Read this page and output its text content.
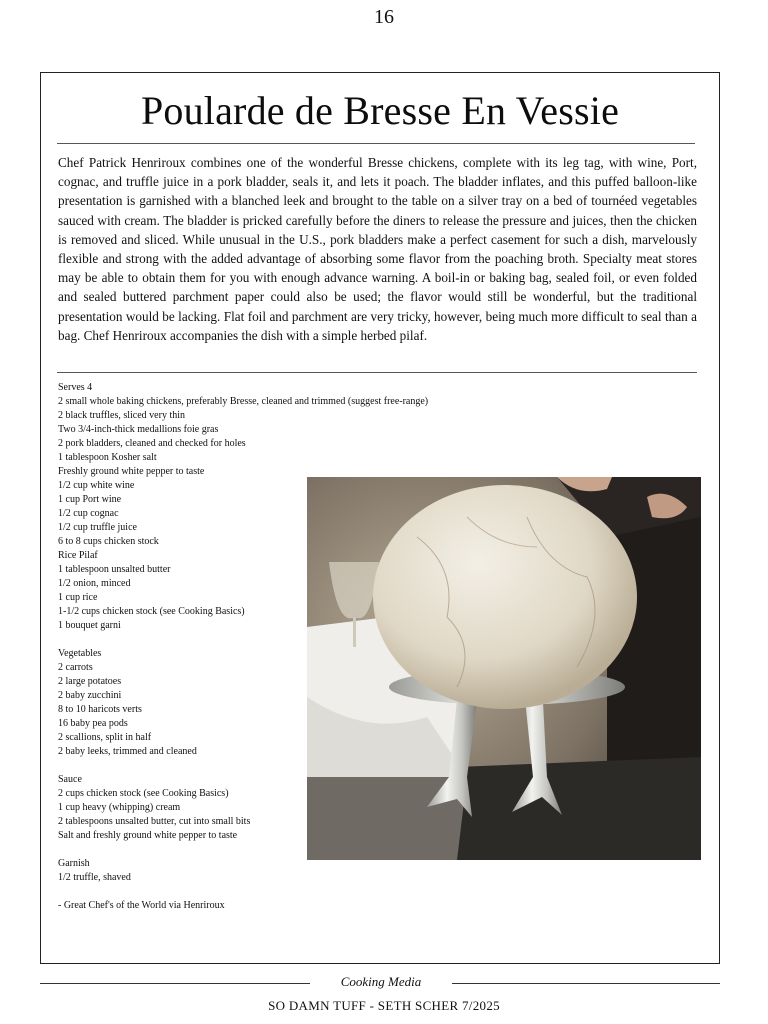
16
Poularde de Bresse En Vessie

Chef Patrick Henriroux combines one of the wonderful Bresse chickens, complete with its leg tag, with wine, Port, cognac, and truffle juice in a pork bladder, seals it, and lets it poach. The bladder inflates, and this puffed balloon-like presentation is garnished with a blanched leek and brought to the table on a silver tray on a bed of tournéed vegetables sauced with cream. The bladder is pricked carefully before the diners to release the pressure and juices, then the chicken is removed and sliced. While unusual in the U.S., pork bladders make a perfect casement for such a dish, marvelously flexible and strong with the added advantage of absorbing some flavor from the poaching broth. Specialty meat stores may be able to obtain them for you with enough advance warning. A boil-in or baking bag, sealed foil, or even folded and sealed buttered parchment paper could also be used; the flavor would still be wonderful, but the traditional presentation would be lacking. Flat foil and parchment are very tricky, however, being much more difficult to seal than a bag. Chef Henriroux accompanies the dish with a simple herbed pilaf.

Serves 4
2 small whole baking chickens, preferably Bresse, cleaned and trimmed (suggest free-range)
2 black truffles, sliced very thin
Two 3/4-inch-thick medallions foie gras
2 pork bladders, cleaned and checked for holes
1 tablespoon Kosher salt
Freshly ground white pepper to taste
1/2 cup white wine
1 cup Port wine
1/2 cup cognac
1/2 cup truffle juice
6 to 8 cups chicken stock
Rice Pilaf
1 tablespoon unsalted butter
1/2 onion, minced
1 cup rice
1-1/2 cups chicken stock (see Cooking Basics)
1 bouquet garni
Vegetables
2 carrots
2 large potatoes
2 baby zucchini
8 to 10 haricots verts
16 baby pea pods
2 scallions, split in half
2 baby leeks, trimmed and cleaned
Sauce
2 cups chicken stock (see Cooking Basics)
1 cup heavy (whipping) cream
2 tablespoons unsalted butter, cut into small bits
Salt and freshly ground white pepper to taste
Garnish
1/2 truffle, shaved
- Great Chef's of the World via Henriroux
Cooking Media
SO DAMN TUFF - SETH SCHER 7/2025
